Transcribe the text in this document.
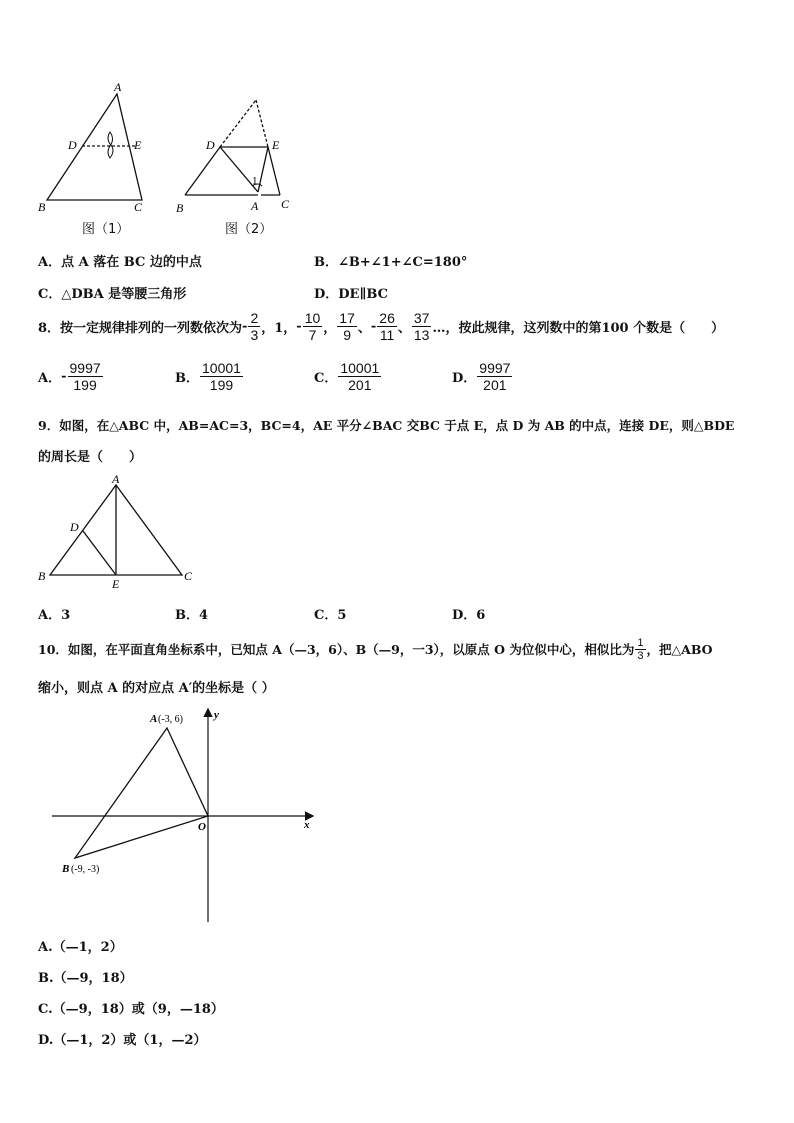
A
D	E
B	C
D	E
1
B	A C
图（1）	图（2）
A．点 A 落在 BC 边的中点	B．∠B+∠1+∠C=180°
C．△DBA 是等腰三角形	D．DE∥BC
8．按一定规律排列的一列数依次为 - $\frac{2}{3}$ ，1， - $\frac{10}{7}$ ， $\frac{17}{9}$ 、 - $\frac{26}{11}$ 、 $\frac{37}{13}$ …，按此规律，这列数中的第100 个数是（　　）
A． - $\frac{9997}{199}$	B． $\frac{10001}{199}$	C． $\frac{10001}{201}$	D． $\frac{9997}{201}$
9．如图，在△ABC 中，AB=AC=3，BC=4，AE 平分∠BAC 交BC 于点 E，点 D 为 AB 的中点，连接 DE，则△BDE
的周长是（　　）
A
D
B
E
C
A．3	B．4	C．5	D．6
10．如图，在平面直角坐标系中，已知点 A（—3，6）、B（—9，一3），以原点 O 为位似中心，相似比为 $\frac{1}{3}$ ，把△ABO
缩小，则点 A 的对应点 A′的坐标是（ ）
A (-3, 6)
B (-9, -3)
O	x
y
A.（—1，2）
B.（—9，18）
C.（—9，18）或（9，—18）
D.（—1，2）或（1，—2）
